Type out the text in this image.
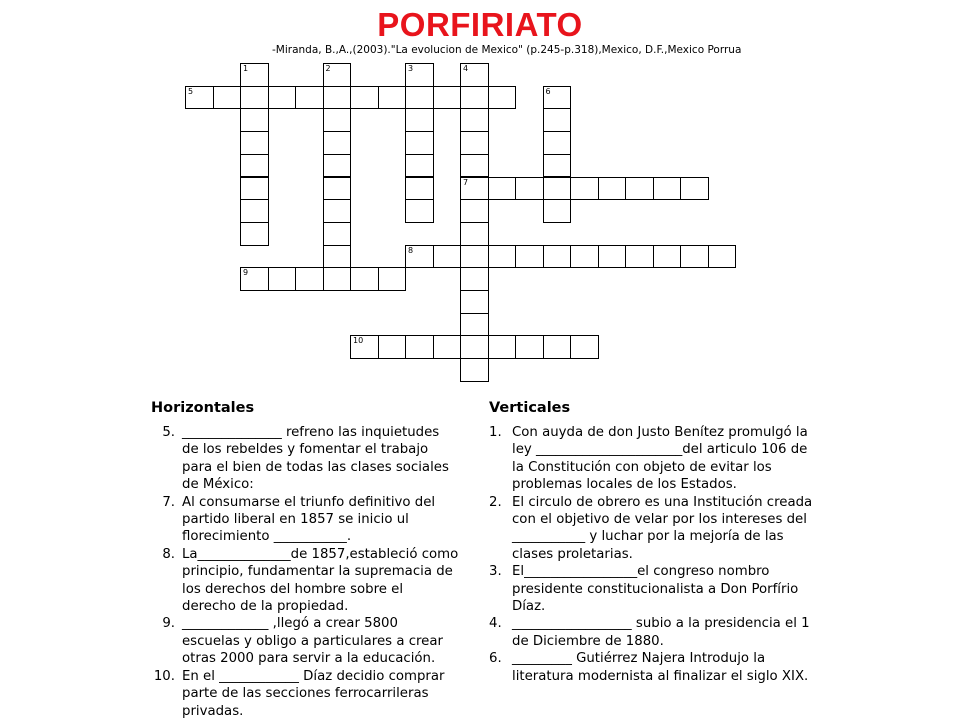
PORFIRIATO
-Miranda, B.,A.,(2003)."La evolucion de Mexico" (p.245-p.318),Mexico, D.F.,Mexico Porrua
5
7
8
9
10
1	2	3	4
6
Horizontales
5. _______________ refreno las inquietudes de los rebeldes y fomentar el trabajo para el bien de todas las clases sociales de México:
7. Al consumarse el triunfo definitivo del partido liberal en 1857 se inicio ul florecimiento ___________.
8. La______________de 1857,estableció como principio, fundamentar la supremacia de los derechos del hombre sobre el derecho de la propiedad.
9. _____________ ,llegó a crear 5800 escuelas y obligo a particulares a crear otras 2000 para servir a la educación.
10. En el ____________ Díaz decidio comprar parte de las secciones ferrocarrileras privadas.
Verticales
1. Con auyda de don Justo Benítez promulgó la ley ______________________del articulo 106 de la Constitución con objeto de evitar los problemas locales de los Estados.
2. El circulo de obrero es una Institución creada con el objetivo de velar por los intereses del ___________ y luchar por la mejoría de las clases proletarias.
3. El_________________el congreso nombro presidente constitucionalista a Don Porfírio Díaz.
4. __________________ subio a la presidencia el 1 de Diciembre de 1880.
6. _________ Gutiérrez Najera Introdujo la literatura modernista al finalizar el siglo XIX.
